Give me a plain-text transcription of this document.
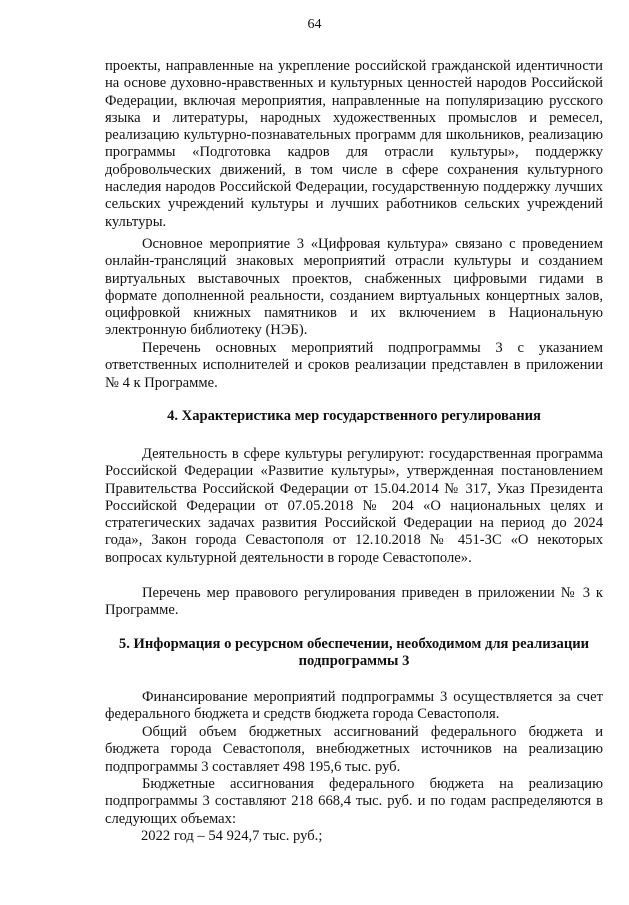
64
проекты, направленные на укрепление российской гражданской идентичности на основе духовно-нравственных и культурных ценностей народов Российской Федерации, включая мероприятия, направленные на популяризацию русского языка и литературы, народных художественных промыслов и ремесел, реализацию культурно-познавательных программ для школьников, реализацию программы «Подготовка кадров для отрасли культуры», поддержку добровольческих движений, в том числе в сфере сохранения культурного наследия народов Российской Федерации, государственную поддержку лучших сельских учреждений культуры и лучших работников сельских учреждений культуры.
Основное мероприятие 3 «Цифровая культура» связано с проведением онлайн-трансляций знаковых мероприятий отрасли культуры и созданием виртуальных выставочных проектов, снабженных цифровыми гидами в формате дополненной реальности, созданием виртуальных концертных залов, оцифровкой книжных памятников и их включением в Национальную электронную библиотеку (НЭБ).
Перечень основных мероприятий подпрограммы 3 с указанием ответственных исполнителей и сроков реализации представлен в приложении № 4 к Программе.
4. Характеристика мер государственного регулирования
Деятельность в сфере культуры регулируют: государственная программа Российской Федерации «Развитие культуры», утвержденная постановлением Правительства Российской Федерации от 15.04.2014 № 317, Указ Президента Российской Федерации от 07.05.2018 № 204 «О национальных целях и стратегических задачах развития Российской Федерации на период до 2024 года», Закон города Севастополя от 12.10.2018 № 451-ЗС «О некоторых вопросах культурной деятельности в городе Севастополе».
Перечень мер правового регулирования приведен в приложении № 3 к Программе.
5. Информация о ресурсном обеспечении, необходимом для реализации подпрограммы 3
Финансирование мероприятий подпрограммы 3 осуществляется за счет федерального бюджета и средств бюджета города Севастополя.
Общий объем бюджетных ассигнований федерального бюджета и бюджета города Севастополя, внебюджетных источников на реализацию подпрограммы 3 составляет 498 195,6 тыс. руб.
Бюджетные ассигнования федерального бюджета на реализацию подпрограммы 3 составляют 218 668,4 тыс. руб. и по годам распределяются в следующих объемах:
2022 год – 54 924,7 тыс. руб.;
